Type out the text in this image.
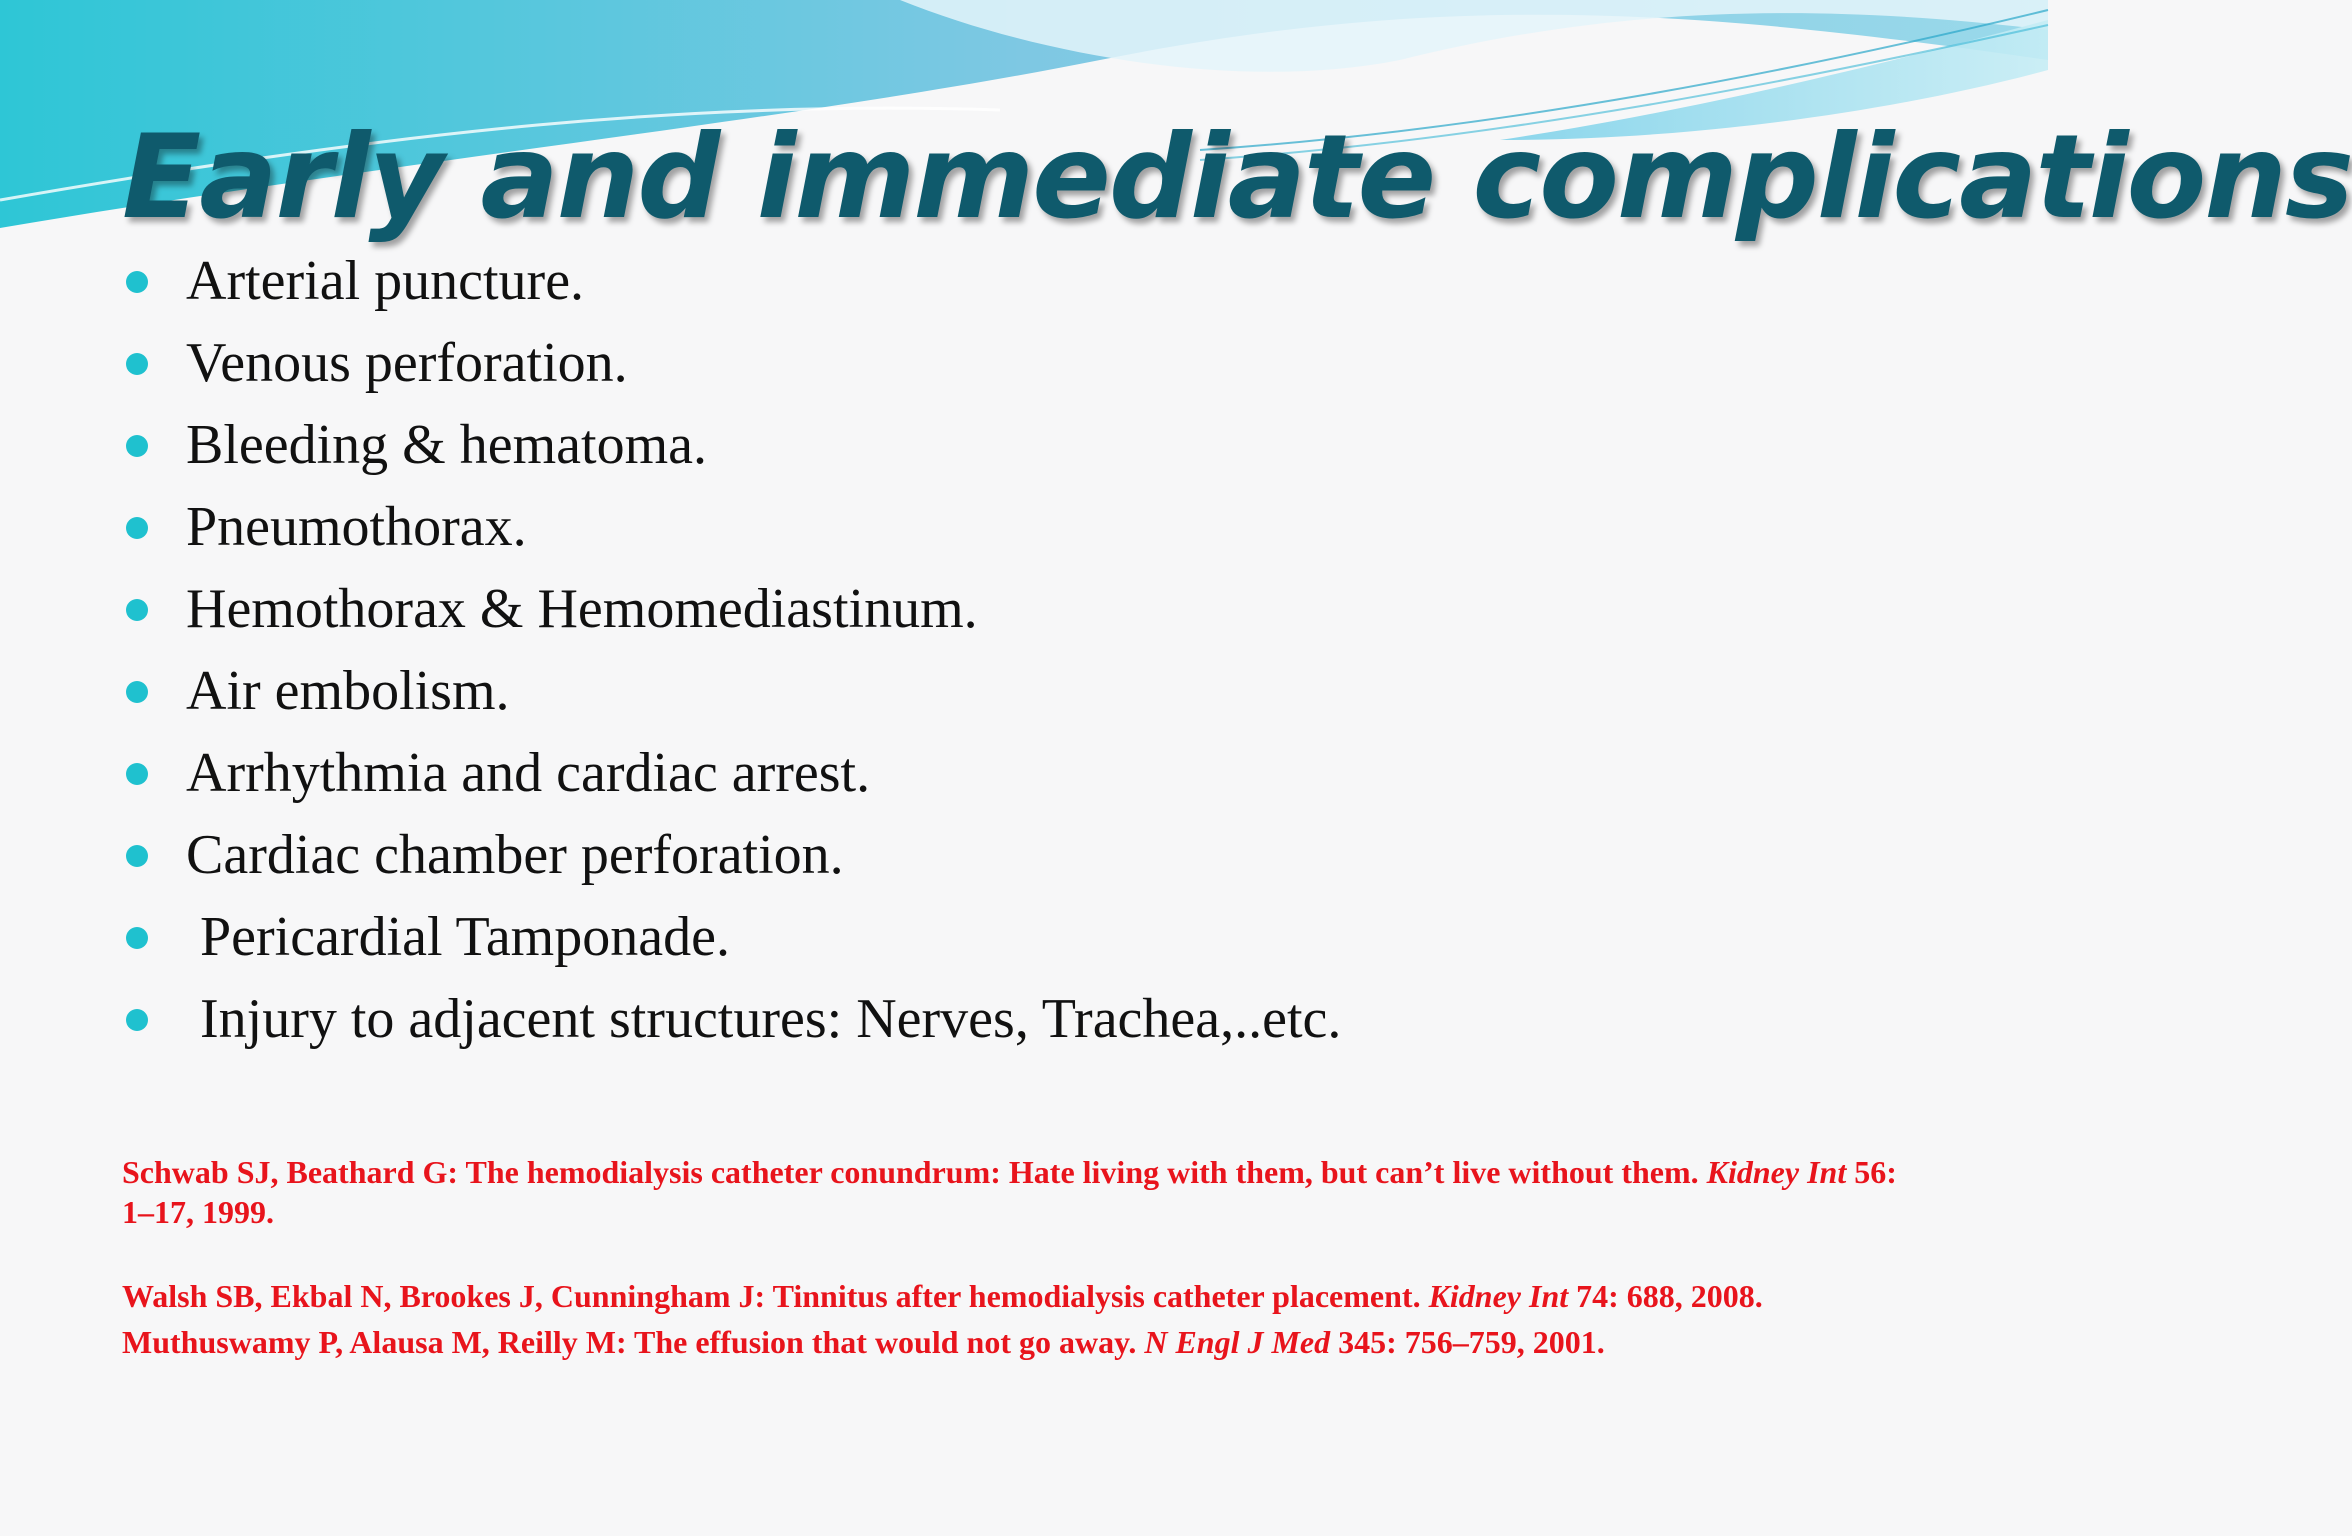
Early and immediate complications
Arterial puncture.
Venous perforation.
Bleeding & hematoma.
Pneumothorax.
Hemothorax & Hemomediastinum.
Air embolism.
Arrhythmia and cardiac arrest.
Cardiac chamber perforation.
Pericardial Tamponade.
Injury to adjacent structures: Nerves, Trachea,..etc.

Schwab SJ, Beathard G: The hemodialysis catheter conundrum: Hate living with them, but can’t live without them. Kidney Int 56: 1–17, 1999.

Walsh SB, Ekbal N, Brookes J, Cunningham J: Tinnitus after hemodialysis catheter placement. Kidney Int 74: 688, 2008.

Muthuswamy P, Alausa M, Reilly M: The effusion that would not go away. N Engl J Med 345: 756–759, 2001.
